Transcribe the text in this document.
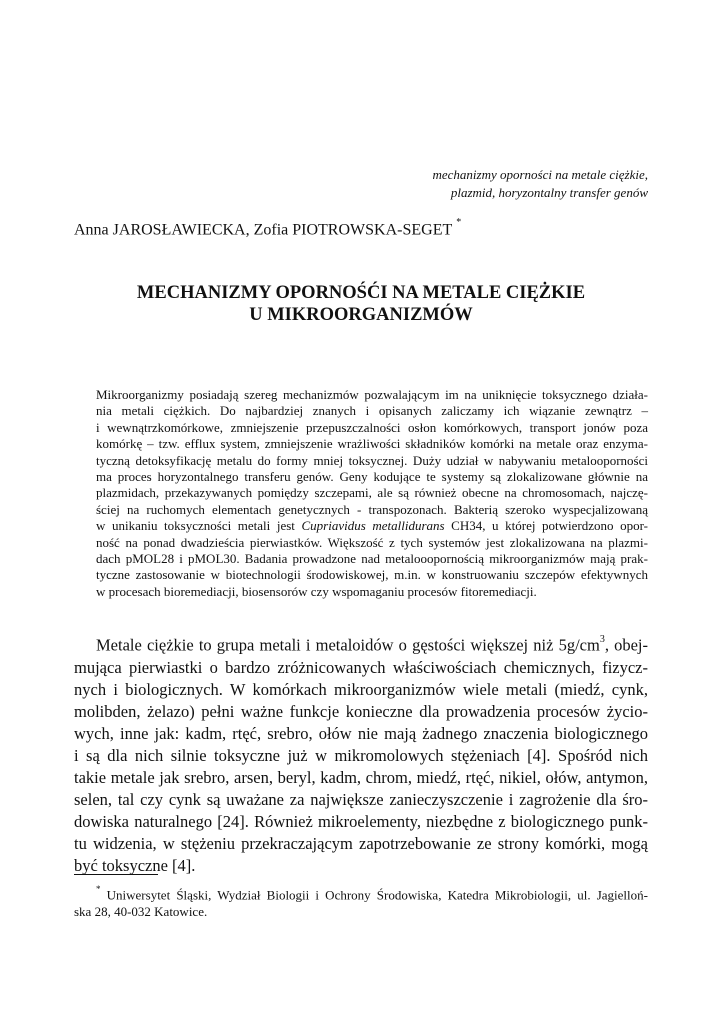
mechanizmy oporności na metale ciężkie,
plazmid, horyzontalny transfer genów
Anna JAROSŁAWIECKA, Zofia PIOTROWSKA-SEGET *
MECHANIZMY OPORNOŚĆI NA METALE CIĘŻKIE
U MIKROORGANIZMÓW
Mikroorganizmy posiadają szereg mechanizmów pozwalającym im na uniknięcie toksycznego działa-
nia metali ciężkich. Do najbardziej znanych i opisanych zaliczamy ich wiązanie zewnątrz –
i wewnątrzkomórkowe, zmniejszenie przepuszczalności osłon komórkowych, transport jonów poza
komórkę – tzw. efflux system, zmniejszenie wrażliwości składników komórki na metale oraz enzyma-
tyczną detoksyfikację metalu do formy mniej toksycznej. Duży udział w nabywaniu metalooporności
ma proces horyzontalnego transferu genów. Geny kodujące te systemy są zlokalizowane głównie na
plazmidach, przekazywanych pomiędzy szczepami, ale są również obecne na chromosomach, najczę-
ściej na ruchomych elementach genetycznych - transpozonach. Bakterią szeroko wyspecjalizowaną
w unikaniu toksyczności metali jest Cupriavidus metallidurans CH34, u której potwierdzono opor-
ność na ponad dwadzieścia pierwiastków. Większość z tych systemów jest zlokalizowana na plazmi-
dach pMOL28 i pMOL30. Badania prowadzone nad metalooopornością mikroorganizmów mają prak-
tyczne zastosowanie w biotechnologii środowiskowej, m.in. w konstruowaniu szczepów efektywnych
w procesach bioremediacji, biosensorów czy wspomaganiu procesów fitoremediacji.
Metale ciężkie to grupa metali i metaloidów o gęstości większej niż $5g/cm^3$, obej-
mująca pierwiastki o bardzo zróżnicowanych właściwościach chemicznych, fizycz-
nych i biologicznych. W komórkach mikroorganizmów wiele metali (miedź, cynk,
molibden, żelazo) pełni ważne funkcje konieczne dla prowadzenia procesów życio-
wych, inne jak: kadm, rtęć, srebro, ołów nie mają żadnego znaczenia biologicznego
i są dla nich silnie toksyczne już w mikromolowych stężeniach [4]. Spośród nich
takie metale jak srebro, arsen, beryl, kadm, chrom, miedź, rtęć, nikiel, ołów, antymon,
selen, tal czy cynk są uważane za największe zanieczyszczenie i zagrożenie dla śro-
dowiska naturalnego [24]. Również mikroelementy, niezbędne z biologicznego punk-
tu widzenia, w stężeniu przekraczającym zapotrzebowanie ze strony komórki, mogą
być toksyczne [4].
* Uniwersytet Śląski, Wydział Biologii i Ochrony Środowiska, Katedra Mikrobiologii, ul. Jagielloń-
ska 28, 40-032 Katowice.
